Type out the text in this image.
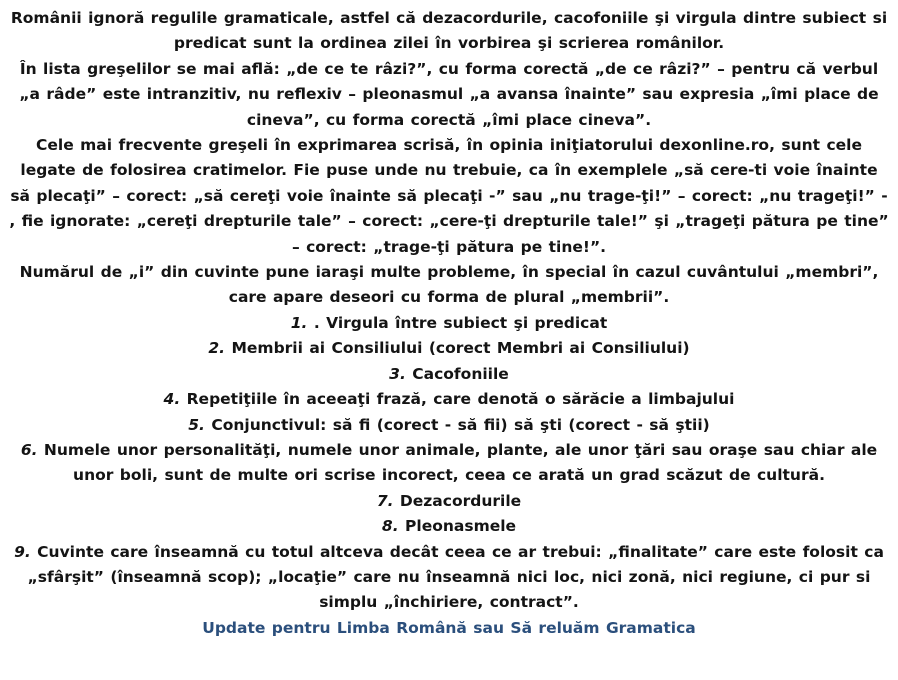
Românii ignoră regulile gramaticale, astfel că dezacordurile, cacofoniile şi virgula dintre subiect si predicat sunt la ordinea zilei în vorbirea şi scrierea românilor.

În lista greşelilor se mai află: „de ce te râzi?”, cu forma corectă „de ce râzi?” – pentru că verbul „a râde” este intranzitiv, nu reflexiv – pleonasmul „a avansa înainte” sau expresia „îmi place de cineva”, cu forma corectă „îmi place cineva”.

Cele mai frecvente greşeli în exprimarea scrisă, în opinia iniţiatorului dexonline.ro, sunt cele legate de folosirea cratimelor. Fie puse unde nu trebuie, ca în exemplele „să cere-ti voie înainte să plecaţi” – corect: „să cereţi voie înainte să plecaţi -” sau „nu trage-ţi!” – corect: „nu trageţi!” - , fie ignorate: „cereţi drepturile tale” – corect: „cere-ţi drepturile tale!” şi „trageţi pătura pe tine” – corect: „trage-ţi pătura pe tine!”.

Numărul de „i” din cuvinte pune iaraşi multe probleme, în special în cazul cuvântului „membri”, care apare deseori cu forma de plural „membrii”.

1. . Virgula între subiect şi predicat

2. Membrii ai Consiliului (corect Membri ai Consiliului)

3. Cacofoniile

4. Repetiţiile în aceeaţi frază, care denotă o sărăcie a limbajului

5. Conjunctivul: să fi (corect - să fii) să şti (corect - să ştii)

6. Numele unor personalităţi, numele unor animale, plante, ale unor ţări sau oraşe sau chiar ale unor boli, sunt de multe ori scrise incorect, ceea ce arată un grad scăzut de cultură.

7. Dezacordurile

8. Pleonasmele

9. Cuvinte care înseamnă cu totul altceva decât ceea ce ar trebui: „finalitate” care este folosit ca „sfârşit” (înseamnă scop); „locaţie” care nu înseamnă nici loc, nici zonă, nici regiune, ci pur si simplu „închiriere, contract”.

Update pentru Limba Română sau Să reluăm Gramatica
